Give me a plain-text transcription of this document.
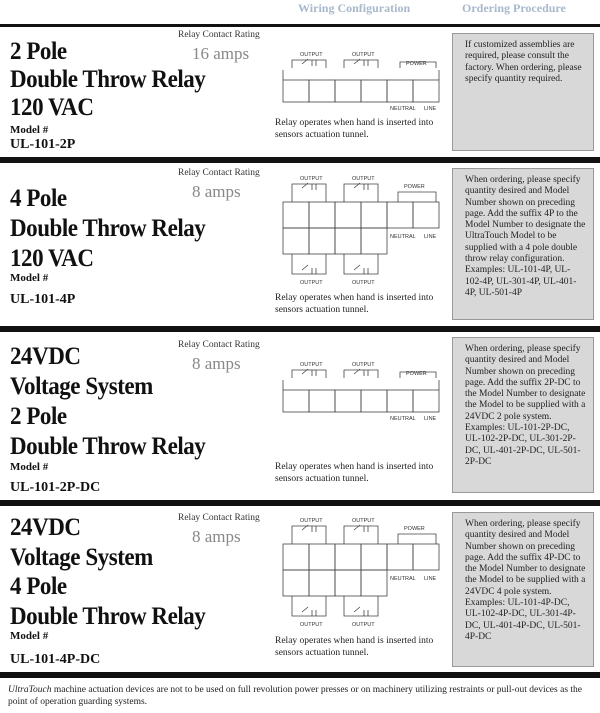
Wiring Configuration	Ordering Procedure
2 Pole
Double Throw Relay
120 VAC
Model #
UL-101-2P
Relay Contact Rating
16 amps	OUTPUT	OUTPUT
POWER
NEUTRAL LINE
Relay operates when hand is inserted into sensors actuation tunnel.
If customized assemblies are required, please consult the factory. When ordering, please specify quantity required.
4 Pole
Double Throw Relay
120 VAC
Model #
UL-101-4P
Relay Contact Rating
8 amps
OUTPUT	OUTPUT
POWER
NEUTRAL LINE
OUTPUT	OUTPUT
Relay operates when hand is inserted into sensors actuation tunnel.
When ordering, please specify quantity desired and Model Number shown on preceding page. Add the suffix 4P to the Model Number to designate the UltraTouch Model to be supplied with a 4 pole double throw relay configuration. Examples: UL-101-4P, UL-102-4P, UL-301-4P, UL-401-4P, UL-501-4P
24VDC
Voltage System
2 Pole
Double Throw Relay
Model #
UL-101-2P-DC
Relay Contact Rating
8 amps	OUTPUT	OUTPUT
POWER
NEUTRAL LINE
Relay operates when hand is inserted into sensors actuation tunnel.
When ordering, please specify quantity desired and Model Number shown on preceding page. Add the suffix 2P-DC to the Model Number to designate the Model to be supplied with a 24VDC 2 pole system. Examples: UL-101-2P-DC, UL-102-2P-DC, UL-301-2P-DC, UL-401-2P-DC, UL-501-2P-DC
24VDC
Voltage System
4 Pole
Double Throw Relay
Model #
UL-101-4P-DC
Relay Contact Rating
8 amps
OUTPUT	OUTPUT
POWER
NEUTRAL LINE
OUTPUT	OUTPUT
Relay operates when hand is inserted into sensors actuation tunnel.
When ordering, please specify quantity desired and Model Number shown on preceding page. Add the suffix 4P-DC to the Model Number to designate the Model to be supplied with a 24VDC 4 pole system. Examples: UL-101-4P-DC, UL-102-4P-DC, UL-301-4P-DC, UL-401-4P-DC, UL-501-4P-DC
UltraTouch machine actuation devices are not to be used on full revolution power presses or on machinery utilizing restraints or pull-out devices as the point of operation guarding systems.
